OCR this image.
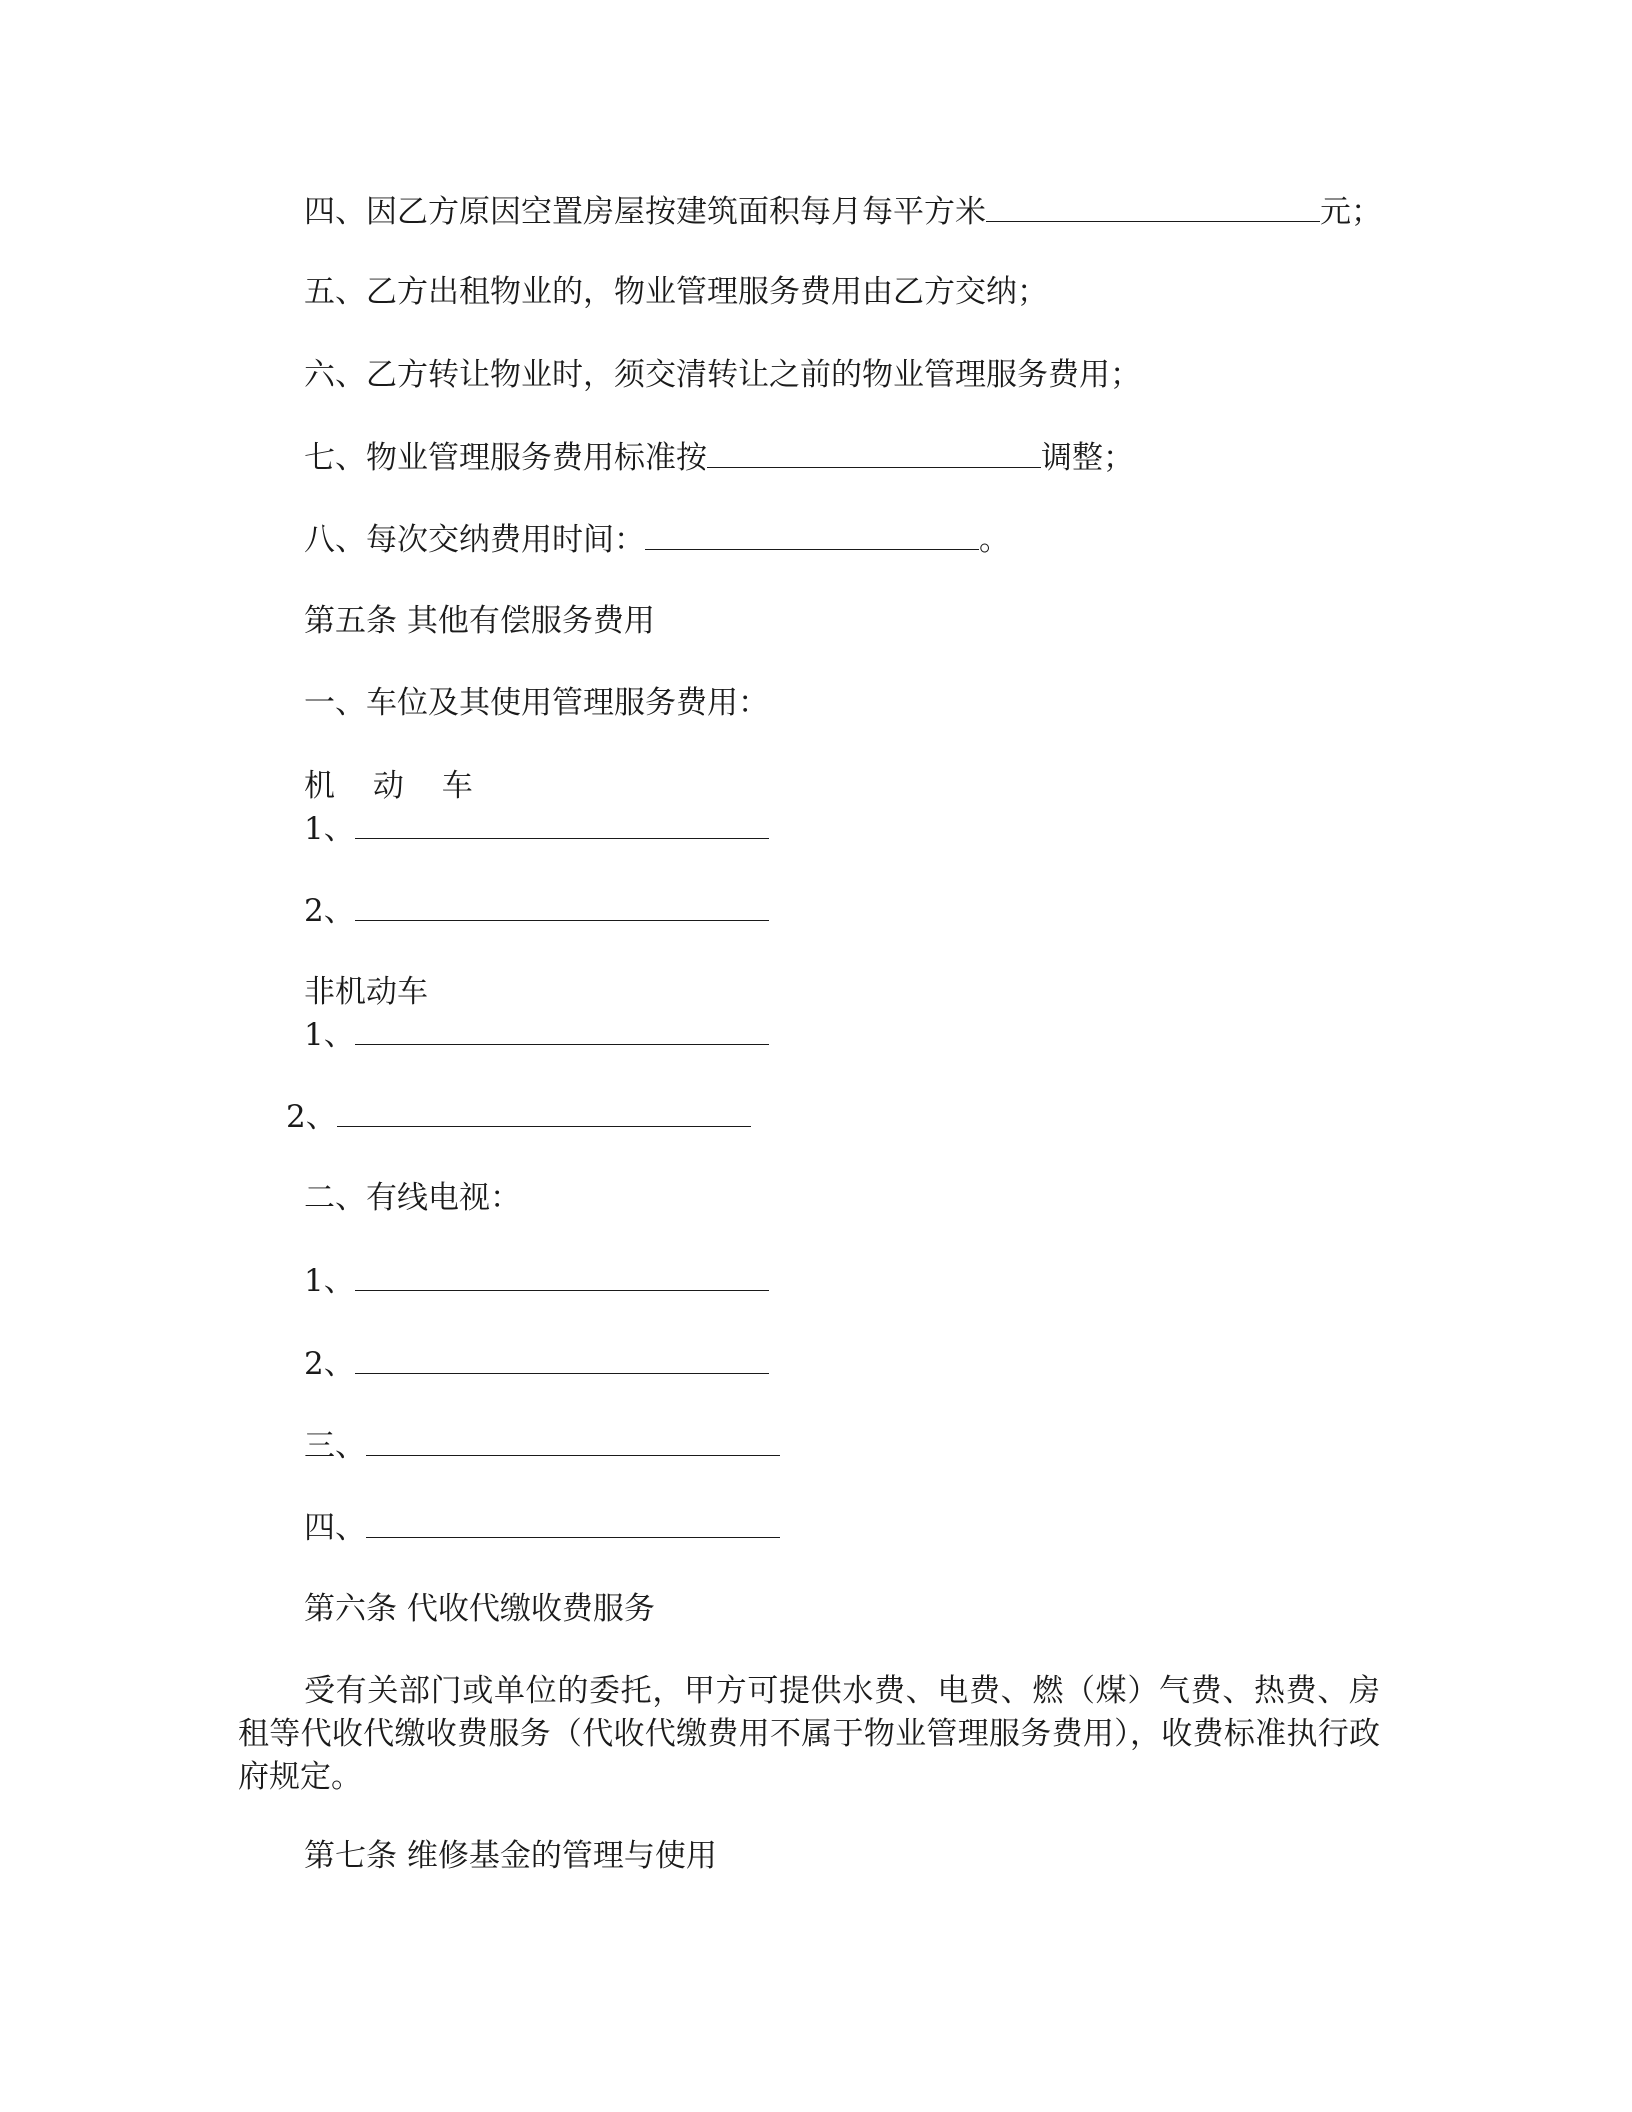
四、因乙方原因空置房屋按建筑面积每月每平方米	元；
五、乙方出租物业的，物业管理服务费用由乙方交纳；
六、乙方转让物业时，须交清转让之前的物业管理服务费用；
七、物业管理服务费用标准按	调整；
八、每次交纳费用时间：	。
第五条 其他有偿服务费用
一、车位及其使用管理服务费用：
机 动 车
1、
2、
非机动车
1、
2、
二、有线电视：
1、
2、
三、
四、
第六条 代收代缴收费服务
受有关部门或单位的委托，甲方可提供水费、电费、燃（煤）气费、热费、房租等代收代缴收费服务（代收代缴费用不属于物业管理服务费用），收费标准执行政府规定。
第七条 维修基金的管理与使用
